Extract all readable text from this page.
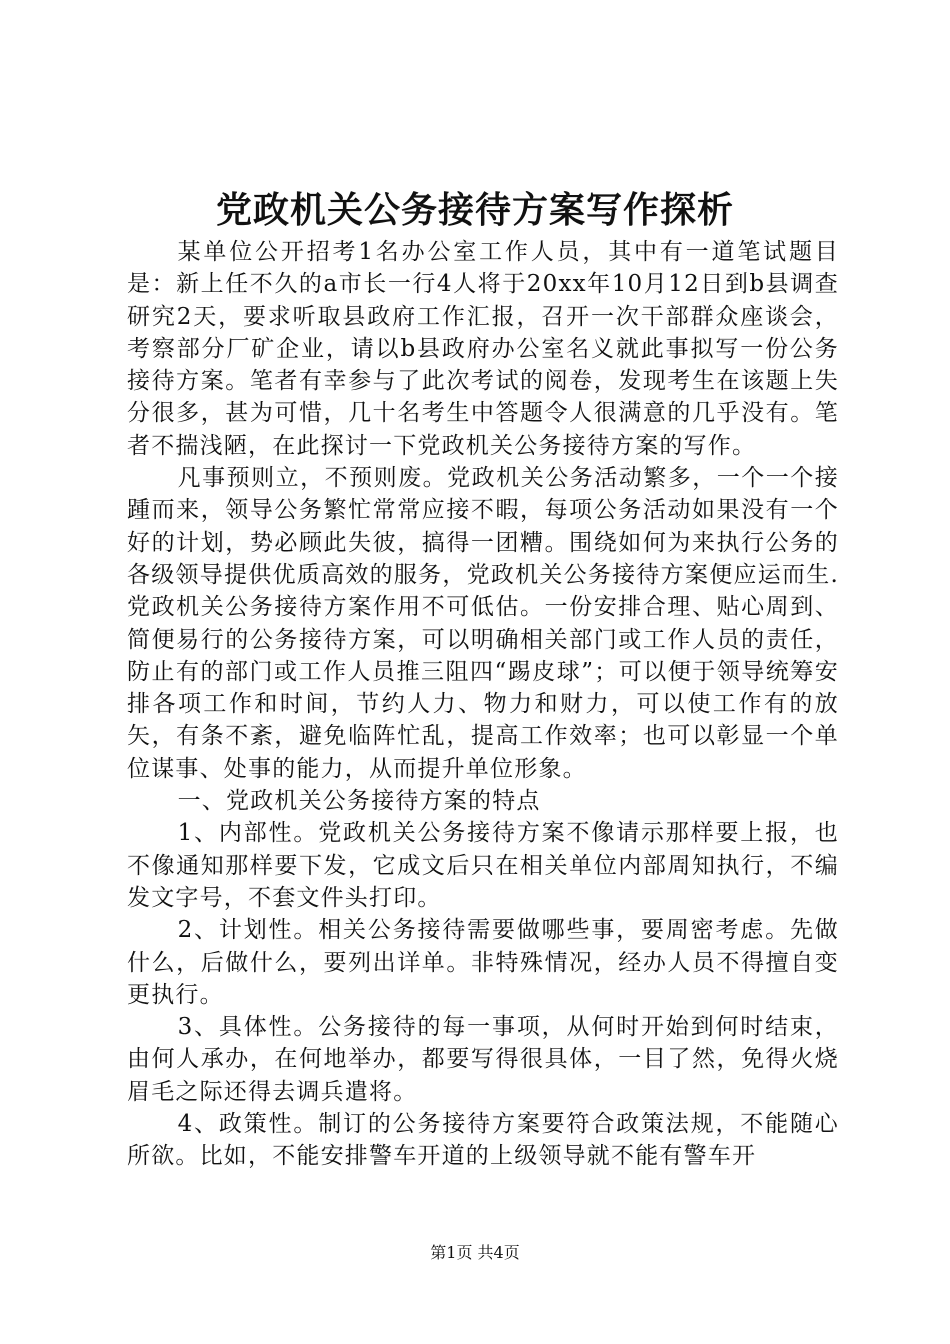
党政机关公务接待方案写作探析

某单位公开招考1名办公室工作人员，其中有一道笔试题目是：新上任不久的a市长一行4人将于20xx年10月12日到b县调查研究2天，要求听取县政府工作汇报，召开一次干部群众座谈会，考察部分厂矿企业，请以b县政府办公室名义就此事拟写一份公务接待方案。笔者有幸参与了此次考试的阅卷，发现考生在该题上失分很多，甚为可惜，几十名考生中答题令人很满意的几乎没有。笔者不揣浅陋，在此探讨一下党政机关公务接待方案的写作。

凡事预则立，不预则废。党政机关公务活动繁多，一个一个接踵而来，领导公务繁忙常常应接不暇，每项公务活动如果没有一个好的计划，势必顾此失彼，搞得一团糟。围绕如何为来执行公务的各级领导提供优质高效的服务，党政机关公务接待方案便应运而生.党政机关公务接待方案作用不可低估。一份安排合理、贴心周到、简便易行的公务接待方案，可以明确相关部门或工作人员的责任，防止有的部门或工作人员推三阻四“踢皮球”；可以便于领导统筹安排各项工作和时间，节约人力、物力和财力，可以使工作有的放矢，有条不紊，避免临阵忙乱，提高工作效率；也可以彰显一个单位谋事、处事的能力，从而提升单位形象。

一、党政机关公务接待方案的特点

1、内部性。党政机关公务接待方案不像请示那样要上报，也不像通知那样要下发，它成文后只在相关单位内部周知执行，不编发文字号，不套文件头打印。

2、计划性。相关公务接待需要做哪些事，要周密考虑。先做什么，后做什么，要列出详单。非特殊情况，经办人员不得擅自变更执行。

3、具体性。公务接待的每一事项，从何时开始到何时结束，由何人承办，在何地举办，都要写得很具体，一目了然，免得火烧眉毛之际还得去调兵遣将。

4、政策性。制订的公务接待方案要符合政策法规，不能随心所欲。比如，不能安排警车开道的上级领导就不能有警车开

第1页 共4页
